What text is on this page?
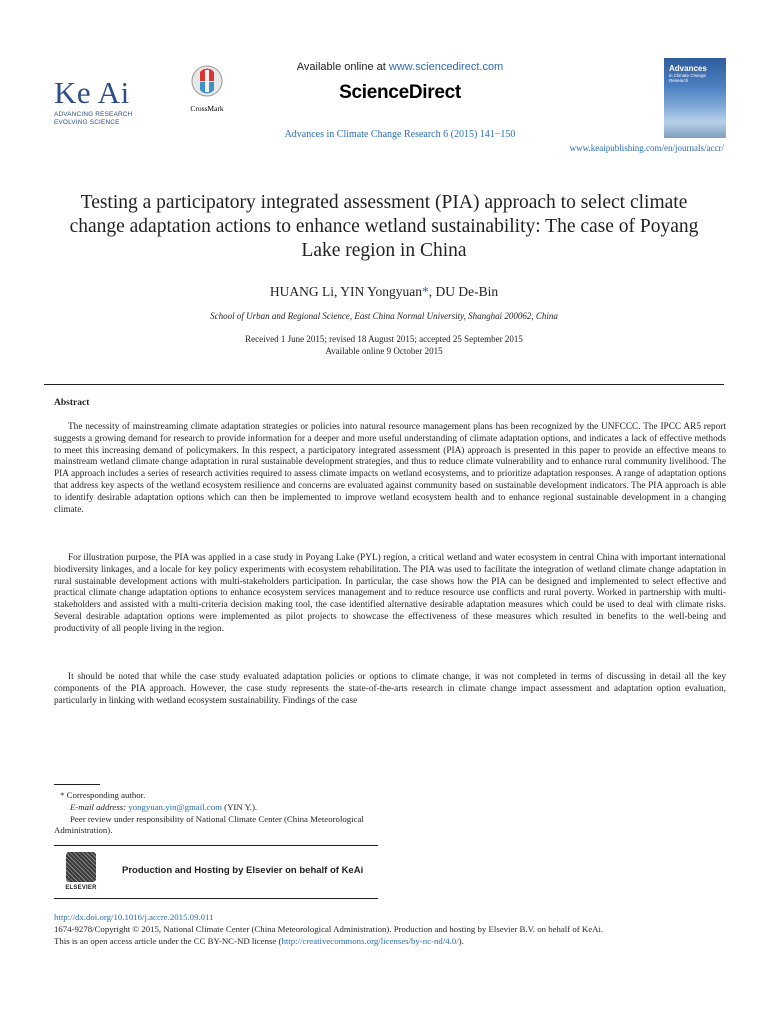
Ke Ai
ADVANCING RESEARCH
EVOLVING SCIENCE
CrossMark
Available online at www.sciencedirect.com
ScienceDirect
Advances in Climate Change Research 6 (2015) 141−150
www.keaipublishing.com/en/journals/accr/
Advances
in Climate Change Research
Testing a participatory integrated assessment (PIA) approach to select climate change adaptation actions to enhance wetland sustainability: The case of Poyang Lake region in China
HUANG Li, YIN Yongyuan*, DU De-Bin
School of Urban and Regional Science, East China Normal University, Shanghai 200062, China
Received 1 June 2015; revised 18 August 2015; accepted 25 September 2015
Available online 9 October 2015
Abstract

The necessity of mainstreaming climate adaptation strategies or policies into natural resource management plans has been recognized by the UNFCCC. The IPCC AR5 report suggests a growing demand for research to provide information for a deeper and more useful understanding of climate adaptation options, and indicates a lack of effective methods to meet this increasing demand of policymakers. In this respect, a participatory integrated assessment (PIA) approach is presented in this paper to provide an effective means to mainstream wetland climate change adaptation in rural sustainable development strategies, and thus to reduce climate vulnerability and to enhance rural community livelihood. The PIA approach includes a series of research activities required to assess climate impacts on wetland ecosystems, and to prioritize adaptation responses. A range of adaptation options that address key aspects of the wetland ecosystem resilience and concerns are evaluated against community based on sustainable development indicators. The PIA approach is able to identify desirable adaptation options which can then be implemented to improve wetland ecosystem health and to enhance regional sustainable development in a changing climate.

For illustration purpose, the PIA was applied in a case study in Poyang Lake (PYL) region, a critical wetland and water ecosystem in central China with important international biodiversity linkages, and a locale for key policy experiments with ecosystem rehabilitation. The PIA was used to facilitate the integration of wetland climate change adaptation in rural sustainable development actions with multi-stakeholders participation. In particular, the case shows how the PIA can be designed and implemented to select effective and practical climate change adaptation options to enhance ecosystem services management and to reduce resource use conflicts and rural poverty. Worked in partnership with multi-stakeholders and assisted with a multi-criteria decision making tool, the case identified alternative desirable adaptation measures which could be used to deal with climate risks. Several desirable adaptation options were implemented as pilot projects to showcase the effectiveness of these measures which resulted in benefits to the well-being and productivity of all people living in the region.

It should be noted that while the case study evaluated adaptation policies or options to climate change, it was not completed in terms of discussing in detail all the key components of the PIA approach. However, the case study represents the state-of-the-arts research in climate change impact assessment and adaptation option evaluation, particularly in linking with wetland ecosystem sustainability. Findings of the case

* Corresponding author.
E-mail address: yongyuan.yin@gmail.com (YIN Y.).
Peer review under responsibility of National Climate Center (China Meteorological Administration).
ELSEVIER
Production and Hosting by Elsevier on behalf of KeAi
http://dx.doi.org/10.1016/j.accre.2015.09.011
1674-9278/Copyright © 2015, National Climate Center (China Meteorological Administration). Production and hosting by Elsevier B.V. on behalf of KeAi.
This is an open access article under the CC BY-NC-ND license (http://creativecommons.org/licenses/by-nc-nd/4.0/).
